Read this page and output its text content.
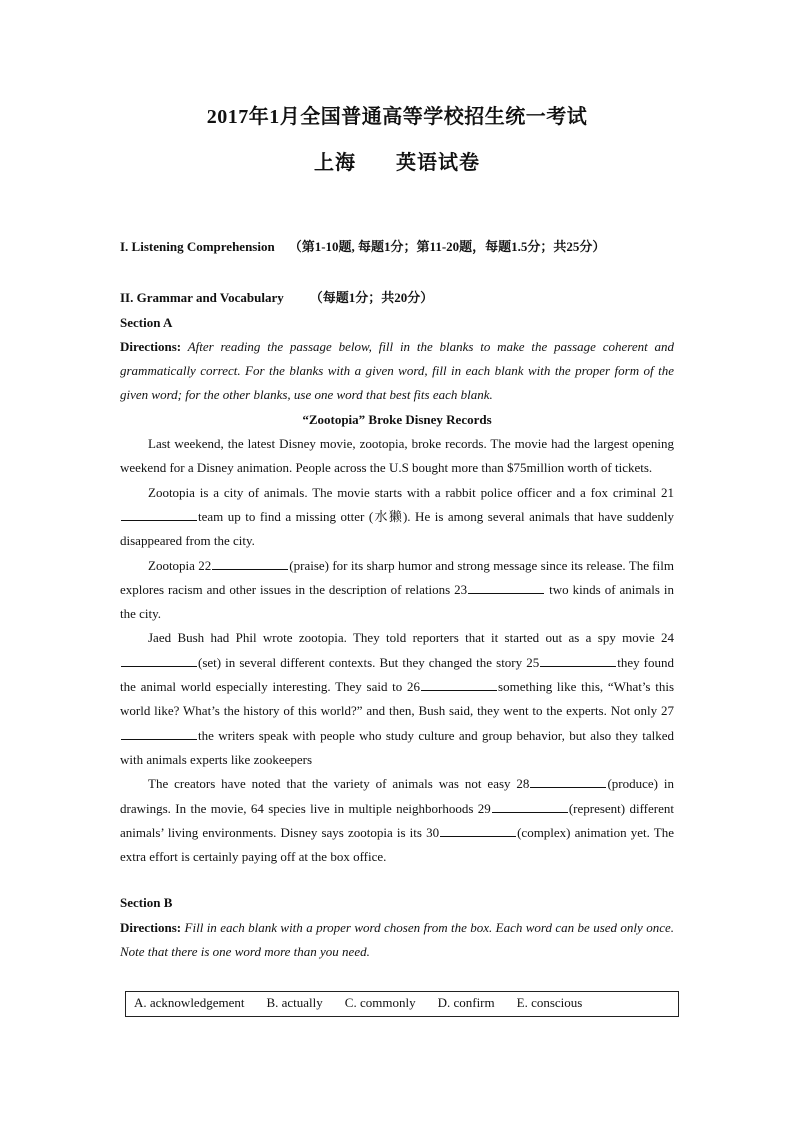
2017年1月全国普通高等学校招生统一考试
上海 英语试卷
I. Listening Comprehension （第1-10题, 每题1分；第11-20题，每题1.5分；共25分）
II. Grammar and Vocabulary （每题1分；共20分）
Section A
Directions: After reading the passage below, fill in the blanks to make the passage coherent and grammatically correct. For the blanks with a given word, fill in each blank with the proper form of the given word; for the other blanks, use one word that best fits each blank.
“Zootopia” Broke Disney Records

Last weekend, the latest Disney movie, zootopia, broke records. The movie had the largest opening weekend for a Disney animation. People across the U.S bought more than $75million worth of tickets.

Zootopia is a city of animals. The movie starts with a rabbit police officer and a fox criminal 21team up to find a missing otter (水獭). He is among several animals that have suddenly disappeared from the city.

Zootopia 22	(praise) for its sharp humor and strong message since its release. The film explores racism and other issues in the description of relations 23	two kinds of animals in the city.

Jaed Bush had Phil wrote zootopia. They told reporters that it started out as a spy movie 24(set) in several different contexts. But they changed the story 25	they found the animal world especially interesting. They said to 26	something like this, “What’s this world like? What’s the history of this world?” and then, Bush said, they went to the experts. Not only 27the writers speak with people who study culture and group behavior, but also they talked with animals experts like zookeepers

The creators have noted that the variety of animals was not easy 28	(produce) in drawings. In the movie, 64 species live in multiple neighborhoods 29	(represent) different animals’ living environments. Disney says zootopia is its 30	(complex) animation yet. The extra effort is certainly paying off at the box office.

Section B
Directions: Fill in each blank with a proper word chosen from the box. Each word can be used only once. Note that there is one word more than you need.
A. acknowledgement B. actually C. commonly D. confirm E. conscious
